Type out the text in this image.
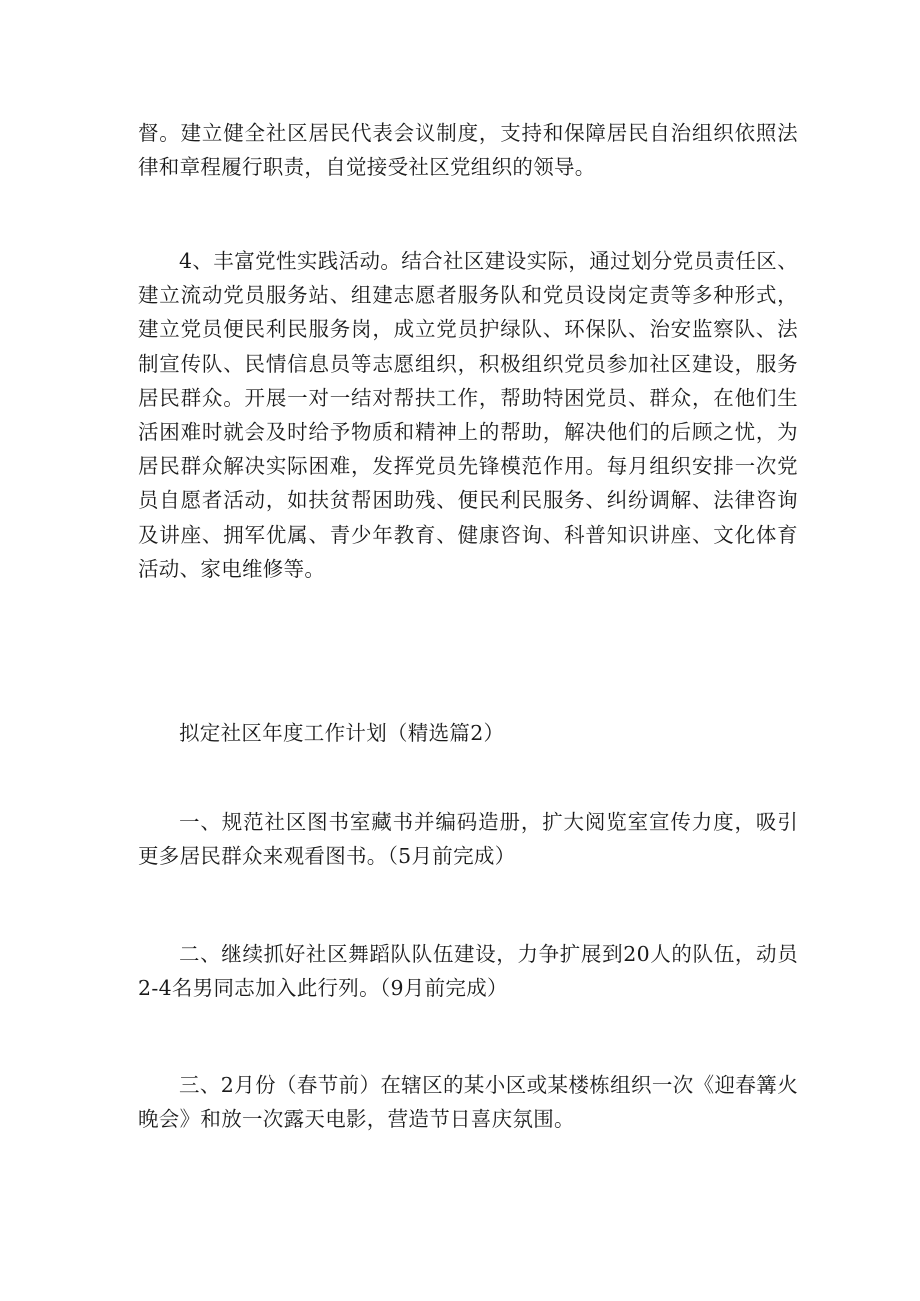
督。建立健全社区居民代表会议制度，支持和保障居民自治组织依照法律和章程履行职责，自觉接受社区党组织的领导。

4、丰富党性实践活动。结合社区建设实际，通过划分党员责任区、建立流动党员服务站、组建志愿者服务队和党员设岗定责等多种形式，建立党员便民利民服务岗，成立党员护绿队、环保队、治安监察队、法制宣传队、民情信息员等志愿组织，积极组织党员参加社区建设，服务居民群众。开展一对一结对帮扶工作，帮助特困党员、群众，在他们生活困难时就会及时给予物质和精神上的帮助，解决他们的后顾之忧，为居民群众解决实际困难，发挥党员先锋模范作用。每月组织安排一次党员自愿者活动，如扶贫帮困助残、便民利民服务、纠纷调解、法律咨询及讲座、拥军优属、青少年教育、健康咨询、科普知识讲座、文化体育活动、家电维修等。

拟定社区年度工作计划（精选篇2）

一、规范社区图书室藏书并编码造册，扩大阅览室宣传力度，吸引更多居民群众来观看图书。（5月前完成）

二、继续抓好社区舞蹈队队伍建设，力争扩展到20人的队伍，动员2-4名男同志加入此行列。（9月前完成）

三、2月份（春节前）在辖区的某小区或某楼栋组织一次《迎春篝火晚会》和放一次露天电影，营造节日喜庆氛围。
